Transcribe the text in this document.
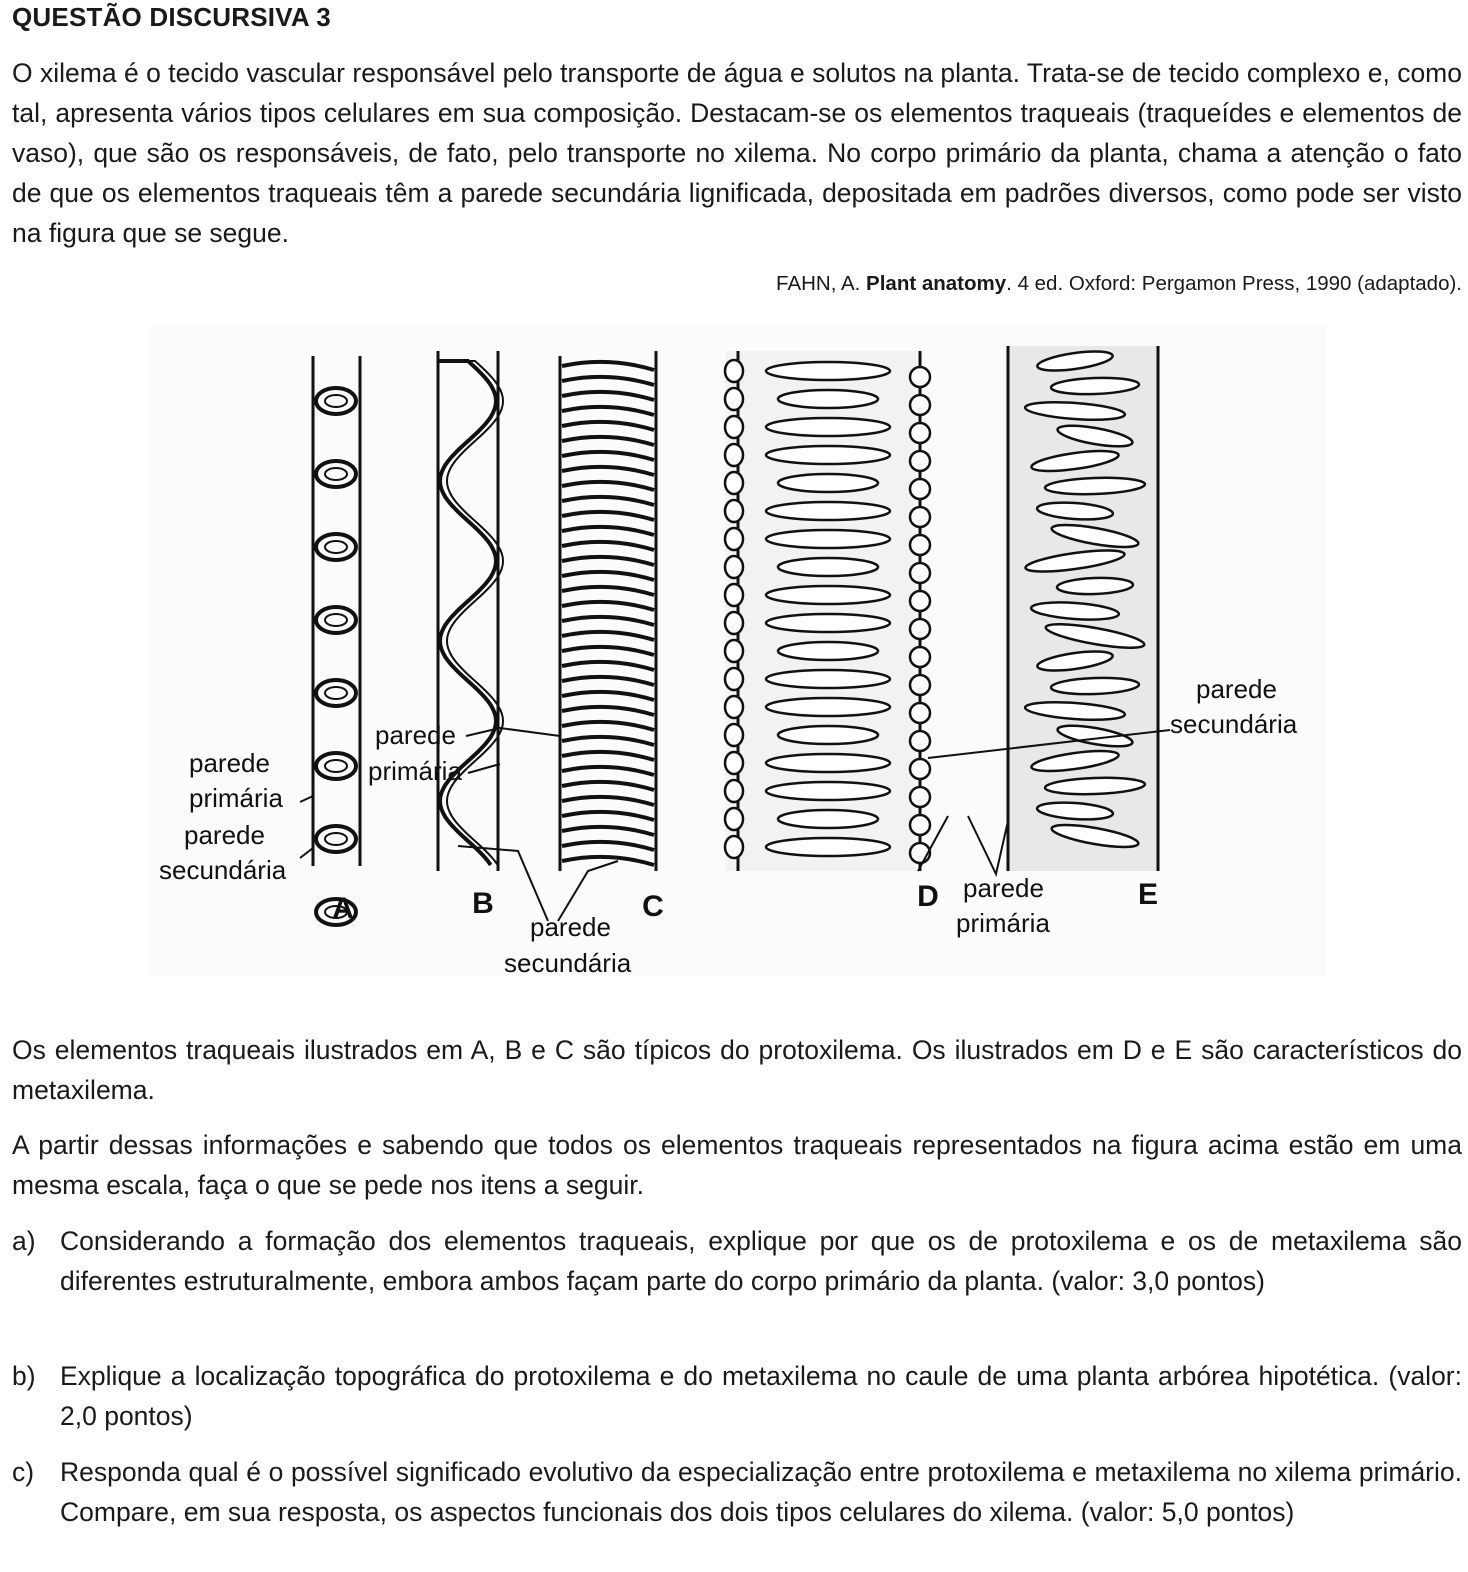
QUESTÃO DISCURSIVA 3
O xilema é o tecido vascular responsável pelo transporte de água e solutos na planta. Trata-se de tecido complexo e, como tal, apresenta vários tipos celulares em sua composição. Destacam-se os elementos traqueais (traqueídes e elementos de vaso), que são os responsáveis, de fato, pelo transporte no xilema. No corpo primário da planta, chama a atenção o fato de que os elementos traqueais têm a parede secundária lignificada, depositada em padrões diversos, como pode ser visto na figura que se segue.
FAHN, A. Plant anatomy. 4 ed. Oxford: Pergamon Press, 1990 (adaptado).
A	B	C	D	E
parede
primária
parede
secundária
parede
primária
parede
secundária
parede
primária
parede
secundária
Os elementos traqueais ilustrados em A, B e C são típicos do protoxilema. Os ilustrados em D e E são característicos do metaxilema.
A partir dessas informações e sabendo que todos os elementos traqueais representados na figura acima estão em uma mesma escala, faça o que se pede nos itens a seguir.
a) Considerando a formação dos elementos traqueais, explique por que os de protoxilema e os de metaxilema são diferentes estruturalmente, embora ambos façam parte do corpo primário da planta. (valor: 3,0 pontos)
b) Explique a localização topográfica do protoxilema e do metaxilema no caule de uma planta arbórea hipotética. (valor: 2,0 pontos)
c) Responda qual é o possível significado evolutivo da especialização entre protoxilema e metaxilema no xilema primário. Compare, em sua resposta, os aspectos funcionais dos dois tipos celulares do xilema. (valor: 5,0 pontos)
